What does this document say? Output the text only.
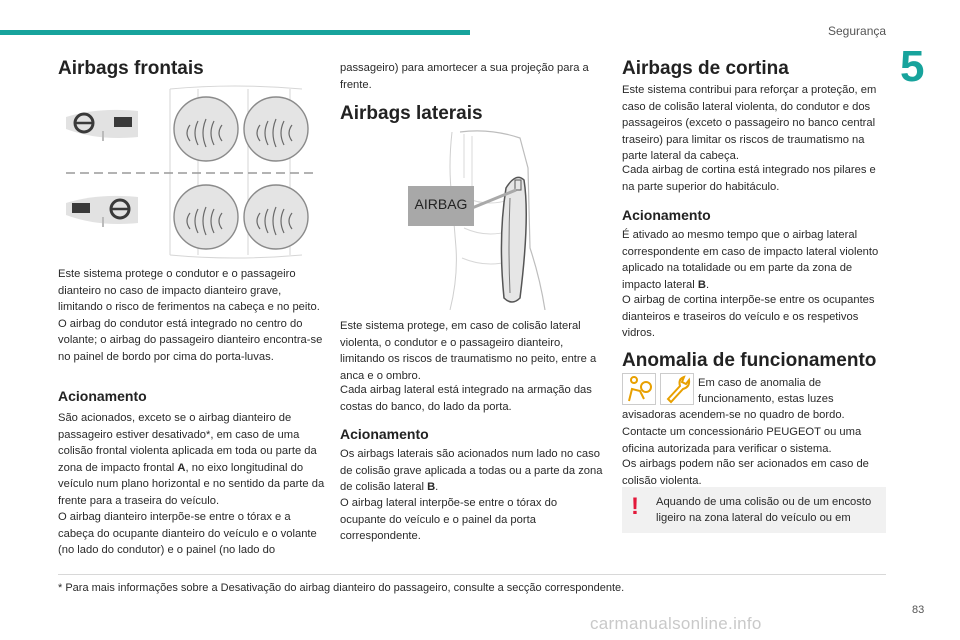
Segurança
5
Airbags frontais

Este sistema protege o condutor e o passageiro dianteiro no caso de impacto dianteiro grave, limitando o risco de ferimentos na cabeça e no peito. O airbag do condutor está integrado no centro do volante; o airbag do passageiro dianteiro encontra-se no painel de bordo por cima do porta-luvas.

Acionamento

São acionados, exceto se o airbag dianteiro de passageiro estiver desativado*, em caso de uma colisão frontal violenta aplicada em toda ou parte da zona de impacto frontal A, no eixo longitudinal do veículo num plano horizontal e no sentido da parte da frente para a traseira do veículo.

O airbag dianteiro interpõe-se entre o tórax e a cabeça do ocupante dianteiro do veículo e o volante (no lado do condutor) e o painel (no lado do

passageiro) para amortecer a sua projeção para a frente.

Airbags laterais
AIRBAG

Este sistema protege, em caso de colisão lateral violenta, o condutor e o passageiro dianteiro, limitando os riscos de traumatismo no peito, entre a anca e o ombro.

Cada airbag lateral está integrado na armação das costas do banco, do lado da porta.

Acionamento

Os airbags laterais são acionados num lado no caso de colisão grave aplicada a todas ou a parte da zona de colisão lateral B.

O airbag lateral interpõe-se entre o tórax do ocupante do veículo e o painel da porta correspondente.

Airbags de cortina

Este sistema contribui para reforçar a proteção, em caso de colisão lateral violenta, do condutor e dos passageiros (exceto o passageiro no banco central traseiro) para limitar os riscos de traumatismo na parte lateral da cabeça.

Cada airbag de cortina está integrado nos pilares e na parte superior do habitáculo.

Acionamento

É ativado ao mesmo tempo que o airbag lateral correspondente em caso de impacto lateral violento aplicado na totalidade ou em parte da zona de impacto lateral B.

O airbag de cortina interpõe-se entre os ocupantes dianteiros e traseiros do veículo e os respetivos vidros.

Anomalia de funcionamento

Em caso de anomalia de

funcionamento, estas luzes

avisadoras acendem-se no quadro de bordo.

Contacte um concessionário PEUGEOT ou uma oficina autorizada para verificar o sistema.

Os airbags podem não ser acionados em caso de colisão violenta.

! Aquando de uma colisão ou de um encosto ligeiro na zona lateral do veículo ou em

* Para mais informações sobre a Desativação do airbag dianteiro do passageiro, consulte a secção correspondente.

83
carmanualsonline.info
